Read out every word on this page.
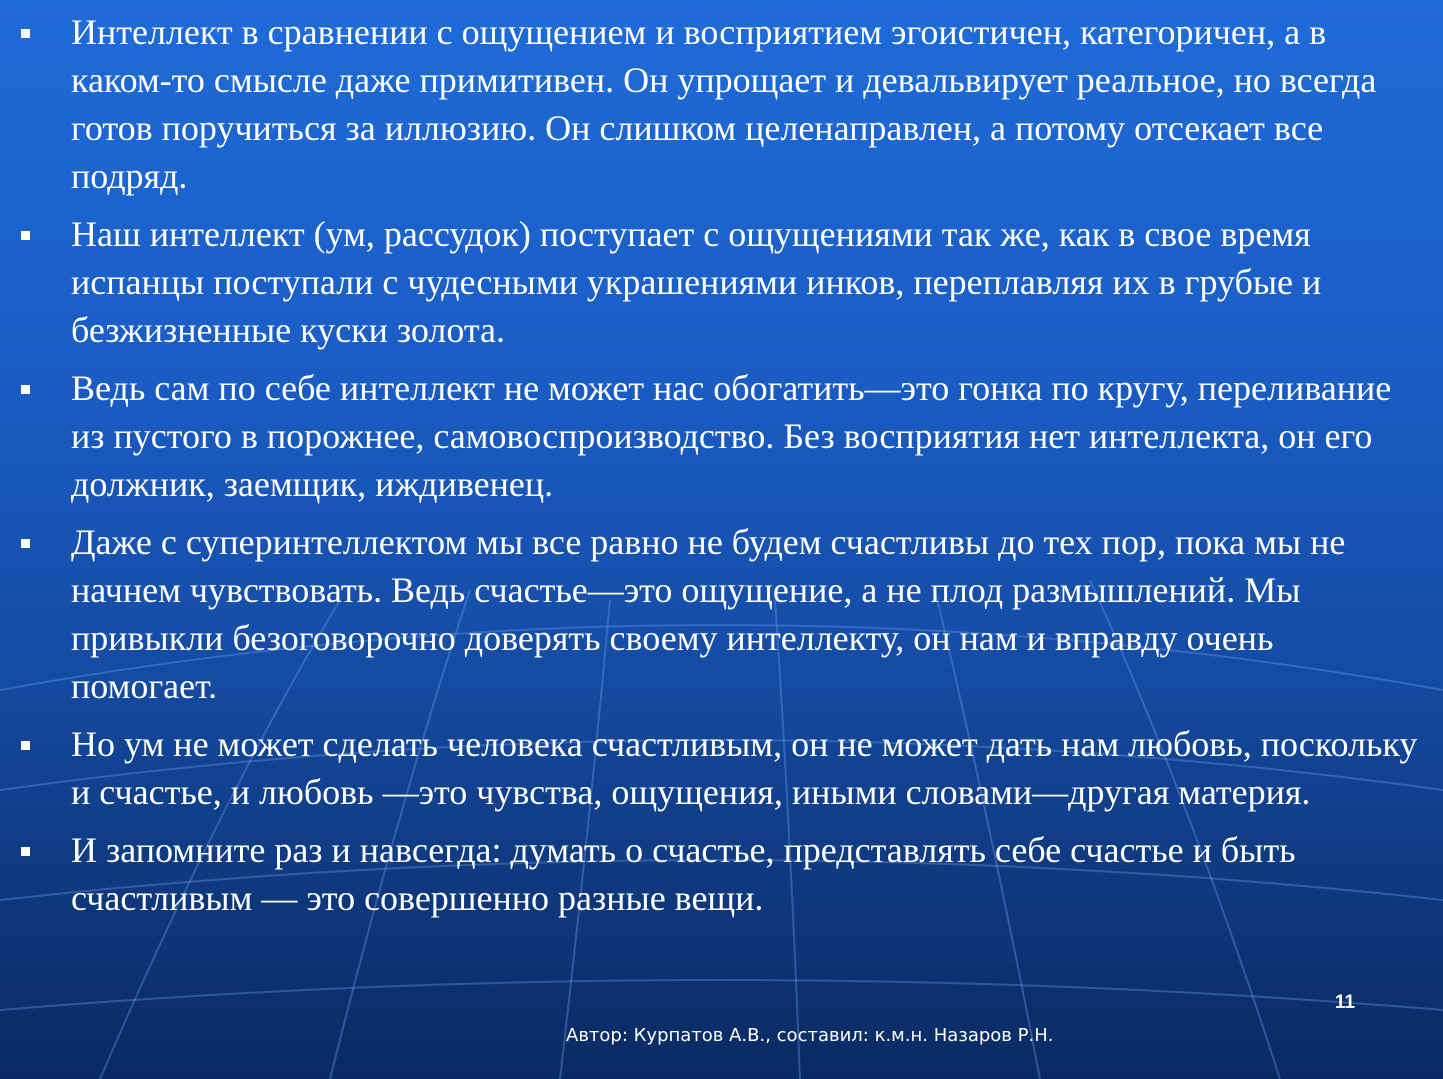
Интеллект в сравнении с ощущением и восприятием эгоистичен, категоричен, а в каком-то смысле даже примитивен. Он упрощает и девальвирует реальное, но всегда готов поручиться за иллюзию. Он слишком целенаправлен, а потому отсекает все подряд.
Наш интеллект (ум, рассудок) поступает с ощущениями так же, как в свое время испанцы поступали с чудесными украшениями инков, переплавляя их в грубые и безжизненные куски золота.
Ведь сам по себе интеллект не может нас обогатить—это гонка по кругу, переливание из пустого в порожнее, самовоспроизводство. Без восприятия нет интеллекта, он его должник, заемщик, иждивенец.
Даже с суперинтеллектом мы все равно не будем счастливы до тех пор, пока мы не начнем чувствовать. Ведь счастье—это ощущение, а не плод размышлений. Мы привыкли безоговорочно доверять своему интеллекту, он нам и вправду очень помогает.
Но ум не может сделать человека счастливым, он не может дать нам любовь, поскольку и счастье, и любовь —это чувства, ощущения, иными словами—другая материя.
И запомните раз и навсегда: думать о счастье, представлять себе счастье и быть счастливым — это совершенно разные вещи.
11
Автор: Курпатов А.В., составил: к.м.н. Назаров Р.Н.
